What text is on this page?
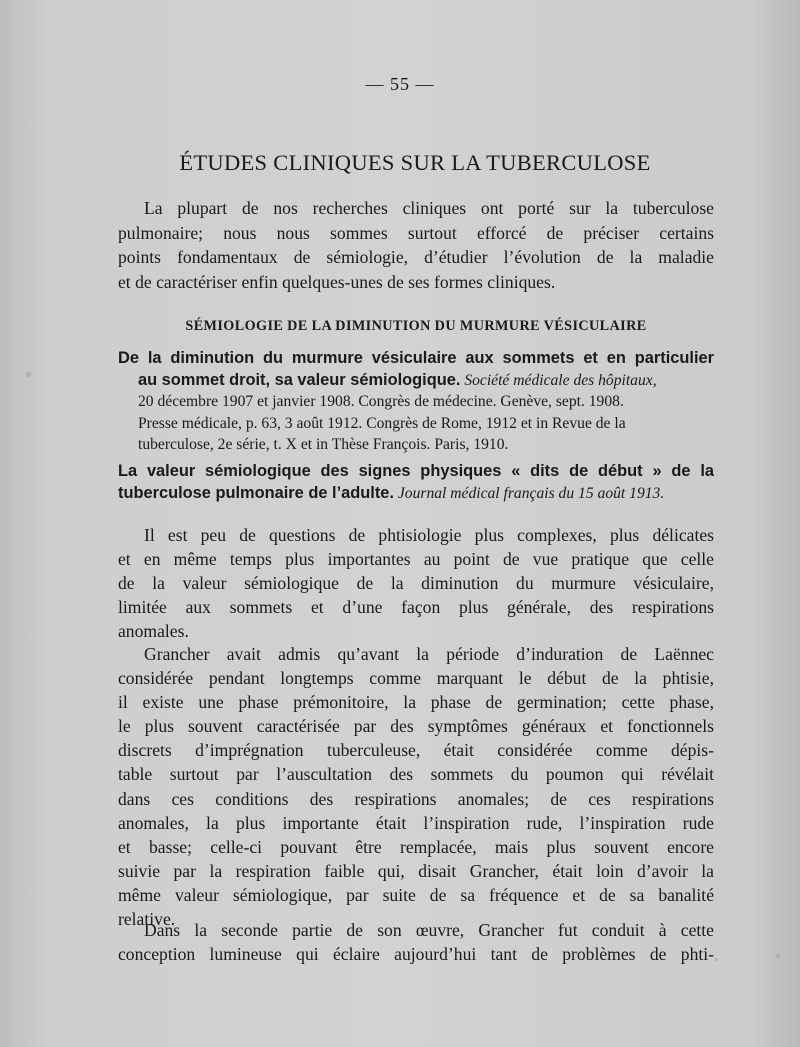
— 55 —
ÉTUDES CLINIQUES SUR LA TUBERCULOSE
La plupart de nos recherches cliniques ont porté sur la tuberculose
pulmonaire; nous nous sommes surtout efforcé de préciser certains
points fondamentaux de sémiologie, d’étudier l’évolution de la maladie
et de caractériser enfin quelques-unes de ses formes cliniques.
SÉMIOLOGIE DE LA DIMINUTION DU MURMURE VÉSICULAIRE
De la diminution du murmure vésiculaire aux sommets et en particulier
au sommet droit, sa valeur sémiologique. Société médicale des hôpitaux,
20 décembre 1907 et janvier 1908. Congrès de médecine. Genève, sept. 1908.
Presse médicale, p. 63, 3 août 1912. Congrès de Rome, 1912 et in Revue de la
tuberculose, 2e série, t. X et in Thèse François. Paris, 1910.
La valeur sémiologique des signes physiques « dits de début » de la
tuberculose pulmonaire de l’adulte. Journal médical français du 15 août 1913.
Il est peu de questions de phtisiologie plus complexes, plus délicates
et en même temps plus importantes au point de vue pratique que celle
de la valeur sémiologique de la diminution du murmure vésiculaire,
limitée aux sommets et d’une façon plus générale, des respirations
anomales.
Grancher avait admis qu’avant la période d’induration de Laënnec
considérée pendant longtemps comme marquant le début de la phtisie,
il existe une phase prémonitoire, la phase de germination; cette phase,
le plus souvent caractérisée par des symptômes généraux et fonctionnels
discrets d’imprégnation tuberculeuse, était considérée comme dépis-
table surtout par l’auscultation des sommets du poumon qui révélait
dans ces conditions des respirations anomales; de ces respirations
anomales, la plus importante était l’inspiration rude, l’inspiration rude
et basse; celle-ci pouvant être remplacée, mais plus souvent encore
suivie par la respiration faible qui, disait Grancher, était loin d’avoir la
même valeur sémiologique, par suite de sa fréquence et de sa banalité
relative.
Dans la seconde partie de son œuvre, Grancher fut conduit à cette
conception lumineuse qui éclaire aujourd’hui tant de problèmes de phti-
